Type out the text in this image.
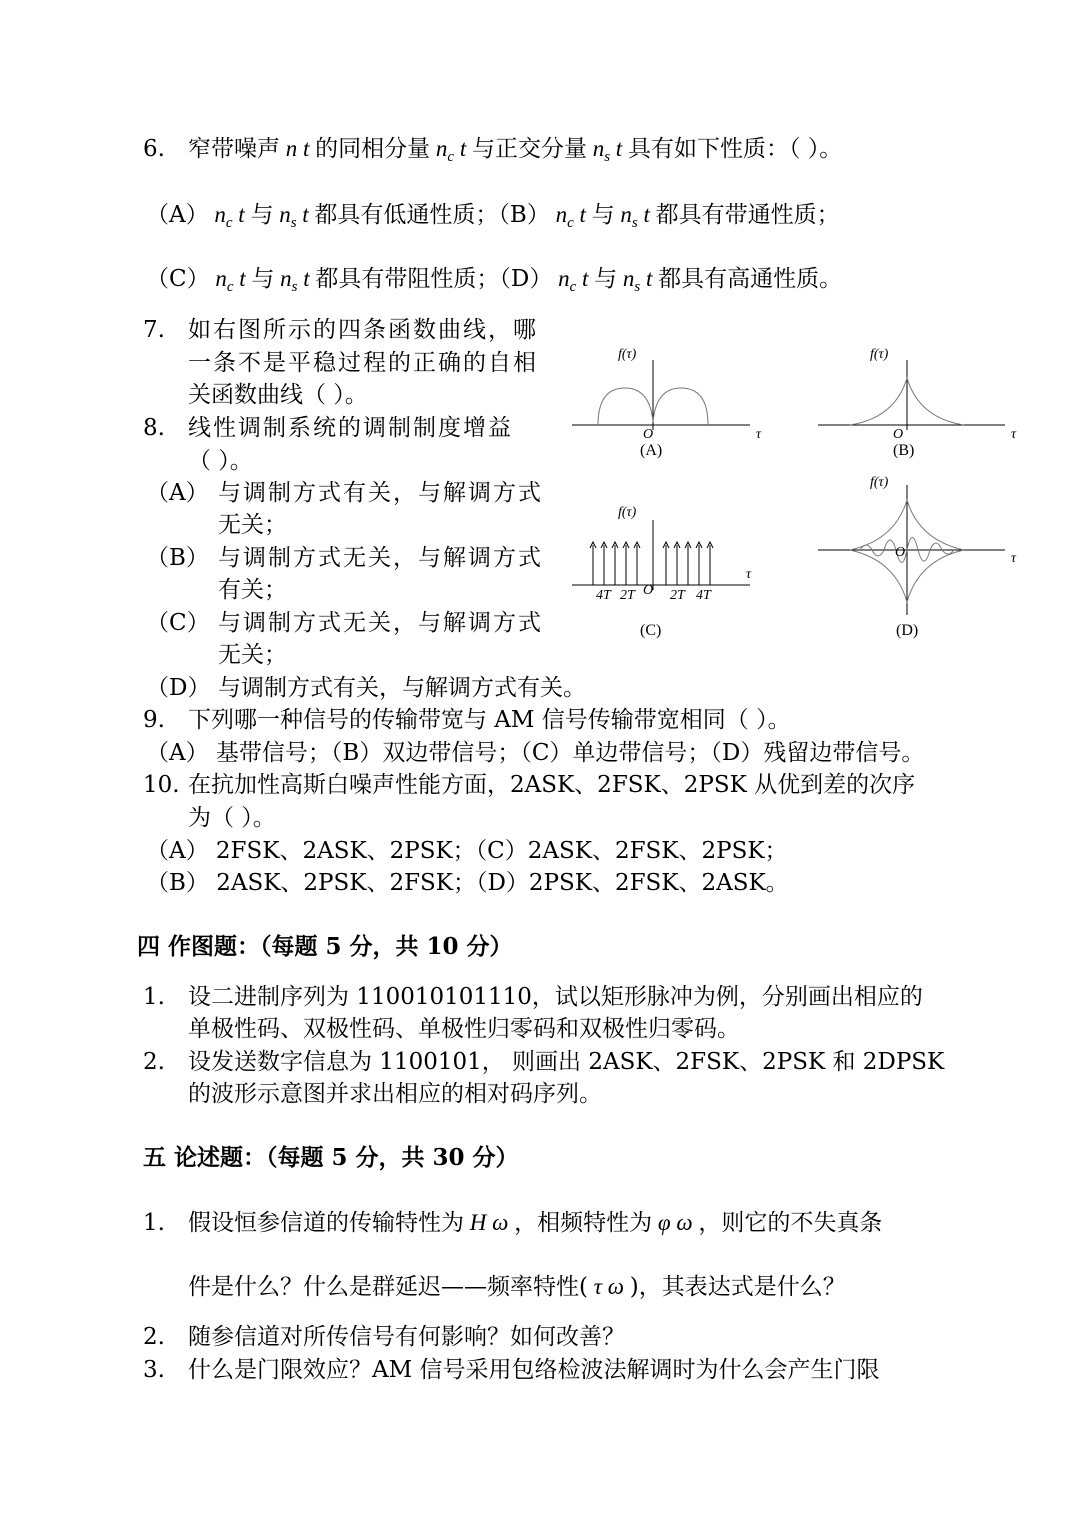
6. 窄带噪声 n t 的同相分量 $n_c$ t 与正交分量 $n_s$ t 具有如下性质：（ ）。
（A） $n_c$ t 与 $n_s$ t 都具有低通性质；（B） $n_c$ t 与 $n_s$ t 都具有带通性质；
（C） $n_c$ t 与 $n_s$ t 都具有带阻性质；（D） $n_c$ t 与 $n_s$ t 都具有高通性质。
7. 如右图所示的四条函数曲线，哪
一条不是平稳过程的正确的自相
关函数曲线（ ）。
8. 线性调制系统的调制制度增益
（ ）。
（A） 与调制方式有关，与解调方式
无关；
（B） 与调制方式无关，与解调方式
有关；
（C） 与调制方式无关，与解调方式
无关；
（D） 与调制方式有关，与解调方式有关。
9. 下列哪一种信号的传输带宽与 AM 信号传输带宽相同（ ）。
（A） 基带信号；（B）双边带信号；（C）单边带信号；（D）残留边带信号。
10. 在抗加性高斯白噪声性能方面，2ASK、2FSK、2PSK 从优到差的次序
为（ ）。
（A） 2FSK、2ASK、2PSK；（C）2ASK、2FSK、2PSK；
（B） 2ASK、2PSK、2FSK；（D）2PSK、2FSK、2ASK。
四 作图题：（每题 5 分，共 10 分）
1. 设二进制序列为 110010101110，试以矩形脉冲为例，分别画出相应的
单极性码、双极性码、单极性归零码和双极性归零码。
2. 设发送数字信息为 1100101， 则画出 2ASK、2FSK、2PSK 和 2DPSK
的波形示意图并求出相应的相对码序列。
五 论述题：（每题 5 分，共 30 分）
1. 假设恒参信道的传输特性为 H ω ，相频特性为 φ ω ，则它的不失真条
件是什么？什么是群延迟——频率特性( τ ω )，其表达式是什么？
2. 随参信道对所传信号有何影响？如何改善？
3. 什么是门限效应？AM 信号采用包络检波法解调时为什么会产生门限
f(τ)	f(τ)
f(τ)
f(τ)
τ	τ
τ
τ
O	O
O
4T 2T O 2T 4T
(A)	(B)
(C)	(D)
